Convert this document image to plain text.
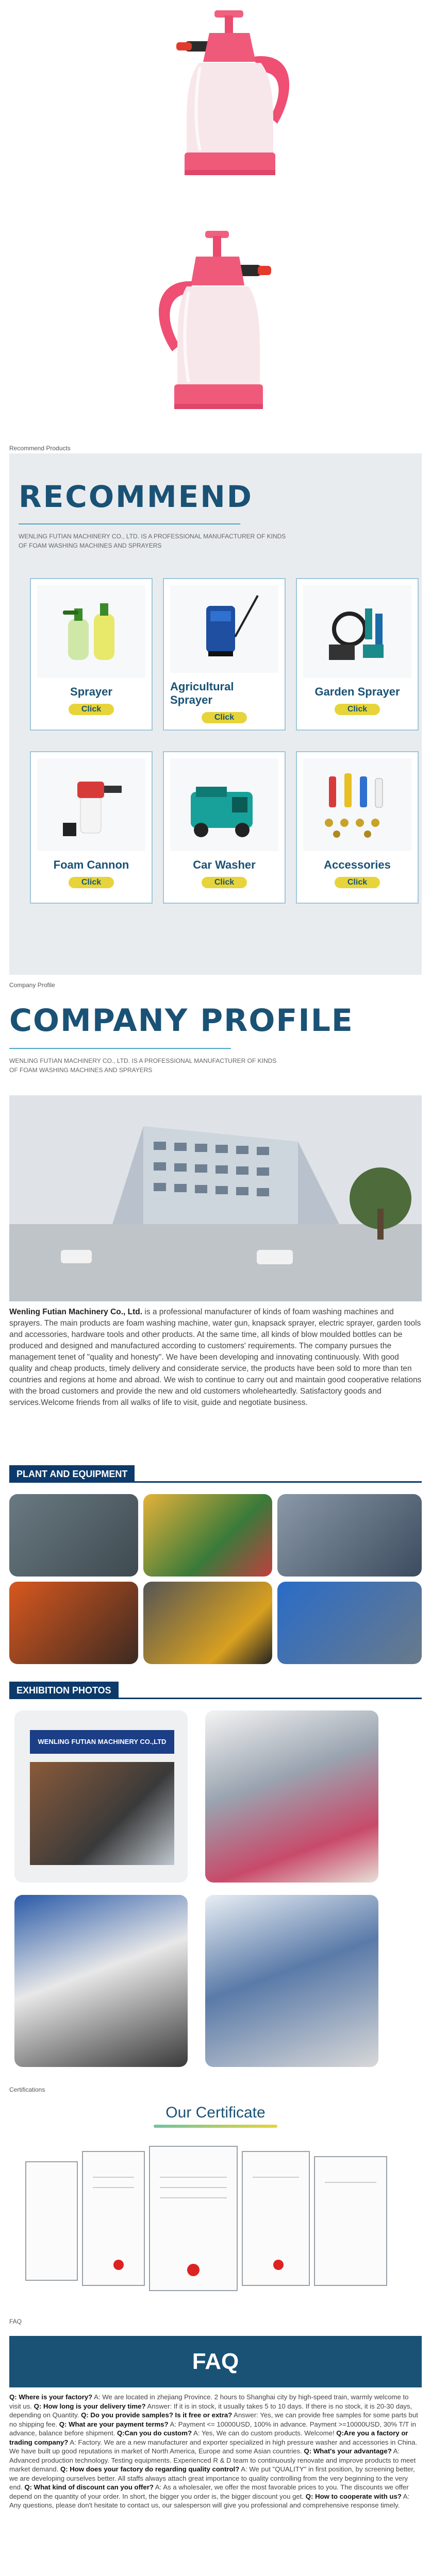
Recommend Products
RECOMMEND
WENLING FUTIAN MACHINERY CO., LTD. IS A PROFESSIONAL MANUFACTURER OF KINDS OF FOAM WASHING MACHINES AND SPRAYERS
Sprayer
Click
Agricultural Sprayer
Click
Garden Sprayer
Click
Foam Cannon
Click
Car Washer
Click
Accessories
Click
Company Profile
COMPANY PROFILE
WENLING FUTIAN MACHINERY CO., LTD. IS A PROFESSIONAL MANUFACTURER OF KINDS OF FOAM WASHING MACHINES AND SPRAYERS
Wenling Futian Machinery Co., Ltd. is a professional manufacturer of kinds of foam washing machines and sprayers. The main products are foam washing machine, water gun, knapsack sprayer, electric sprayer, garden tools and accessories, hardware tools and other products. At the same time, all kinds of blow moulded bottles can be produced and designed and manufactured according to customers' requirements. The company pursues the management tenet of "quality and honesty". We have been developing and innovating continuously. With good quality and cheap products, timely delivery and considerate service, the products have been sold to more than ten countries and regions at home and abroad. We wish to continue to carry out and maintain good cooperative relations with the broad customers and provide the new and old customers wholeheartedly. Satisfactory goods and services.Welcome friends from all walks of life to visit, guide and negotiate business.
PLANT AND EQUIPMENT
EXHIBITION PHOTOS
WENLING FUTIAN MACHINERY CO.,LTD
Certifications
Our Certificate
FAQ
FAQ
Q: Where is your factory? A: We are located in zhejiang Province. 2 hours to Shanghai city by high-speed train, warmly welcome to visit us. Q: How long is your delivery time? Answer: If it is in stock, it usually takes 5 to 10 days. If there is no stock, it is 20-30 days, depending on Quantity. Q: Do you provide samples? Is it free or extra? Answer: Yes, we can provide free samples for some parts but no shipping fee. Q: What are your payment terms? A: Payment <= 10000USD, 100% in advance. Payment >=10000USD, 30% T/T in advance, balance before shipment. Q:Can you do custom? A: Yes, We can do custom products. Welcome! Q:Are you a factory or trading company? A: Factory. We are a new manufacturer and exporter specialized in high pressure washer and accessories in China. We have built up good reputations in market of North America, Europe and some Asian countries. Q: What's your advantage? A: Advanced production technology. Testing equipments. Experienced R & D team to continuously renovate and improve products to meet market demand. Q: How does your factory do regarding quality control? A: We put "QUALITY" in first position, by screening better, we are developing ourselves better. All staffs always attach great importance to quality controlling from the very beginning to the very end. Q: What kind of discount can you offer? A: As a wholesaler, we offer the most favorable prices to you. The discounts we offer depend on the quantity of your order. In short, the bigger you order is, the bigger discount you get. Q: How to cooperate with us? A: Any questions, please don't hesitate to contact us, our salesperson will give you professional and comprehensive response timely.
